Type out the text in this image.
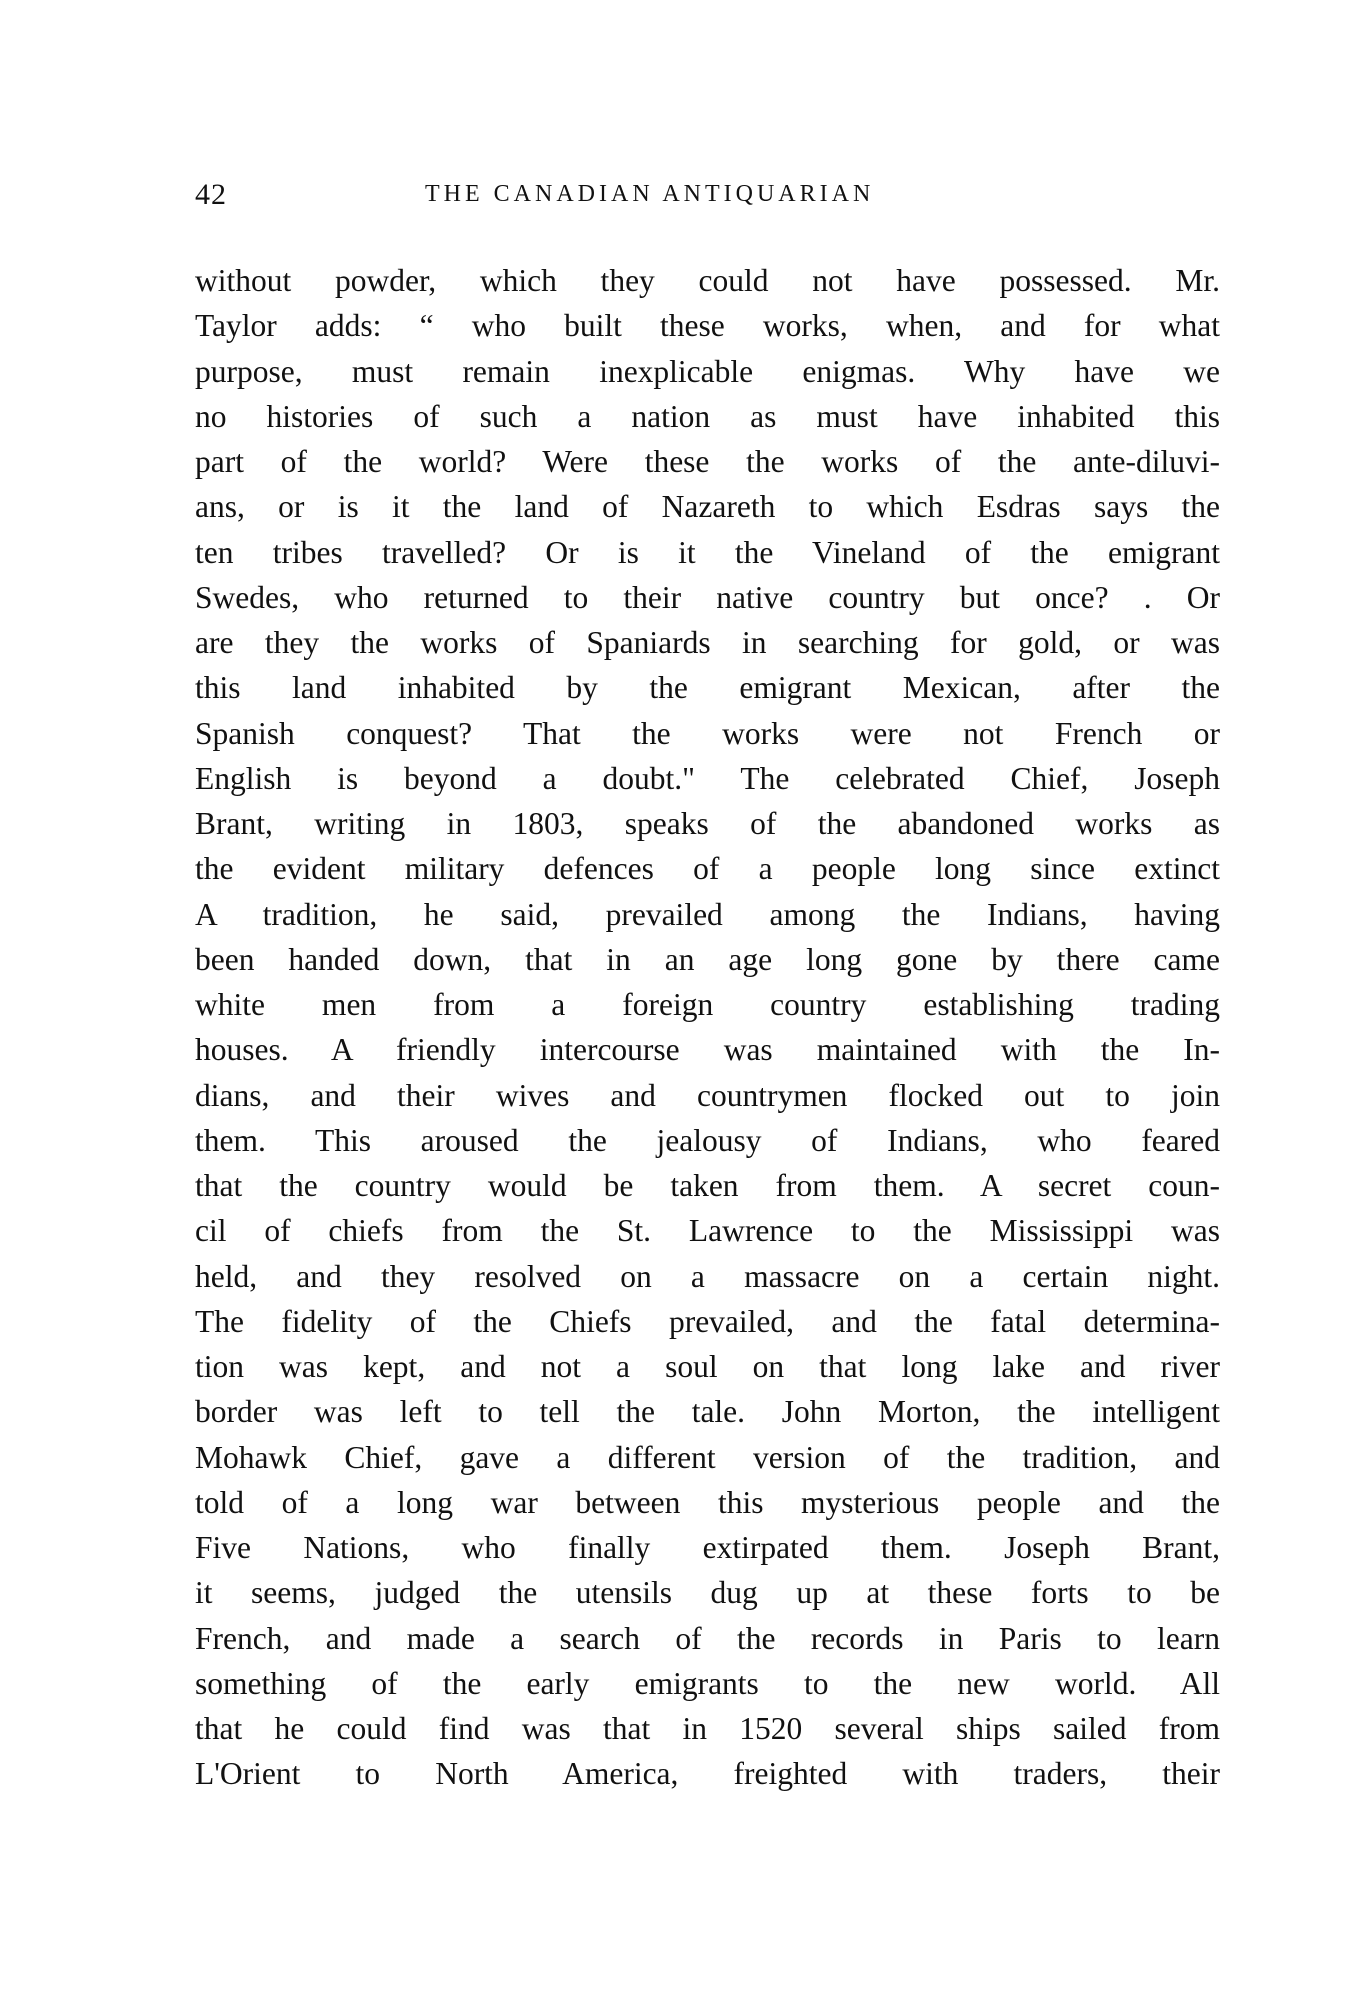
42	THE CANADIAN ANTIQUARIAN
without powder, which they could not have possessed. Mr.
Taylor adds: “ who built these works, when, and for what
purpose, must remain inexplicable enigmas. Why have we
no histories of such a nation as must have inhabited this
part of the world? Were these the works of the ante-diluvi-
ans, or is it the land of Nazareth to which Esdras says the
ten tribes travelled? Or is it the Vineland of the emigrant
Swedes, who returned to their native country but once? . Or
are they the works of Spaniards in searching for gold, or was
this land inhabited by the emigrant Mexican, after the
Spanish conquest? That the works were not French or
English is beyond a doubt." The celebrated Chief, Joseph
Brant, writing in 1803, speaks of the abandoned works as
the evident military defences of a people long since extinct
A tradition, he said, prevailed among the Indians, having
been handed down, that in an age long gone by there came
white men from a foreign country establishing trading
houses. A friendly intercourse was maintained with the In-
dians, and their wives and countrymen flocked out to join
them. This aroused the jealousy of Indians, who feared
that the country would be taken from them. A secret coun-
cil of chiefs from the St. Lawrence to the Mississippi was
held, and they resolved on a massacre on a certain night.
The fidelity of the Chiefs prevailed, and the fatal determina-
tion was kept, and not a soul on that long lake and river
border was left to tell the tale. John Morton, the intelligent
Mohawk Chief, gave a different version of the tradition, and
told of a long war between this mysterious people and the
Five Nations, who finally extirpated them. Joseph Brant,
it seems, judged the utensils dug up at these forts to be
French, and made a search of the records in Paris to learn
something of the early emigrants to the new world. All
that he could find was that in 1520 several ships sailed from
L'Orient to North America, freighted with traders, their
